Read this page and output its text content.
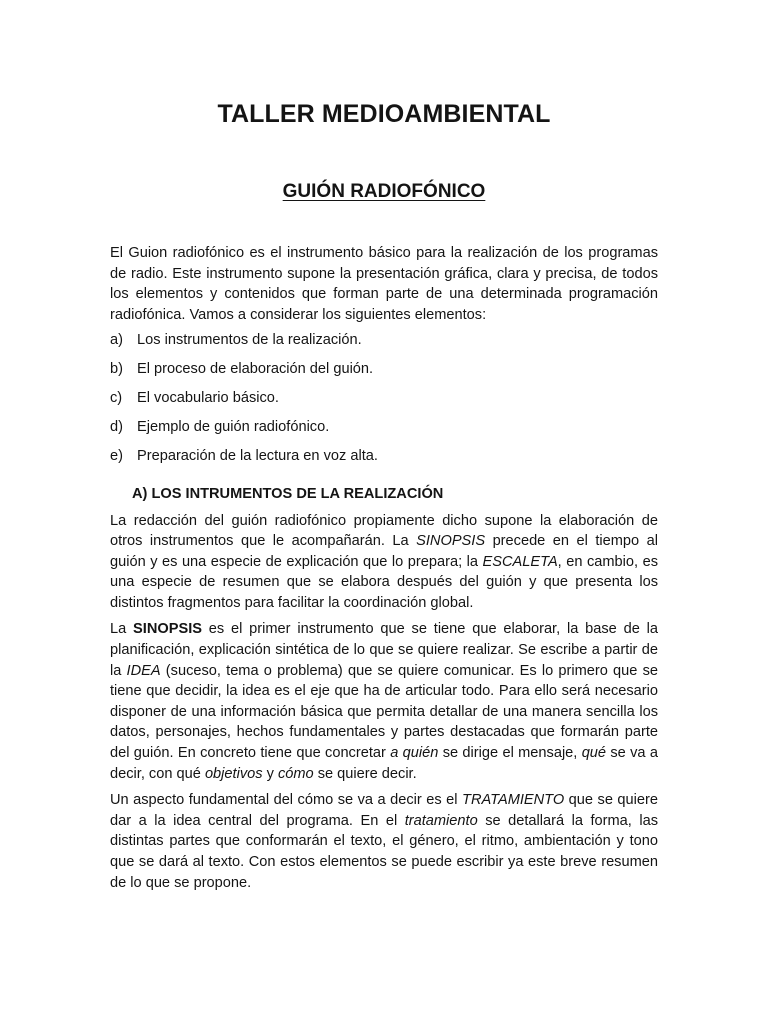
TALLER MEDIOAMBIENTAL
GUIÓN RADIOFÓNICO

El Guion radiofónico es el instrumento básico para la realización de los programas de radio. Este instrumento supone la presentación gráfica, clara y precisa, de todos los elementos y contenidos que forman parte de una determinada programación radiofónica. Vamos a considerar los siguientes elementos:

a) Los instrumentos de la realización.
b) El proceso de elaboración del guión.
c)	El vocabulario básico.
d) Ejemplo de guión radiofónico.
e) Preparación de la lectura en voz alta.
A) LOS INTRUMENTOS DE LA REALIZACIÓN

La redacción del guión radiofónico propiamente dicho supone la elaboración de otros instrumentos que le acompañarán. La SINOPSIS precede en el tiempo al guión y es una especie de explicación que lo prepara; la ESCALETA, en cambio, es una especie de resumen que se elabora después del guión y que presenta los distintos fragmentos para facilitar la coordinación global.

La SINOPSIS es el primer instrumento que se tiene que elaborar, la base de la planificación, explicación sintética de lo que se quiere realizar. Se escribe a partir de la IDEA (suceso, tema o problema) que se quiere comunicar. Es lo primero que se tiene que decidir, la idea es el eje que ha de articular todo. Para ello será necesario disponer de una información básica que permita detallar de una manera sencilla los datos, personajes, hechos fundamentales y partes destacadas que formarán parte del guión. En concreto tiene que concretar a quién se dirige el mensaje, qué se va a decir, con qué objetivos y cómo se quiere decir.

Un aspecto fundamental del cómo se va a decir es el TRATAMIENTO que se quiere dar a la idea central del programa. En el tratamiento se detallará la forma, las distintas partes que conformarán el texto, el género, el ritmo, ambientación y tono que se dará al texto. Con estos elementos se puede escribir ya este breve resumen de lo que se propone.
